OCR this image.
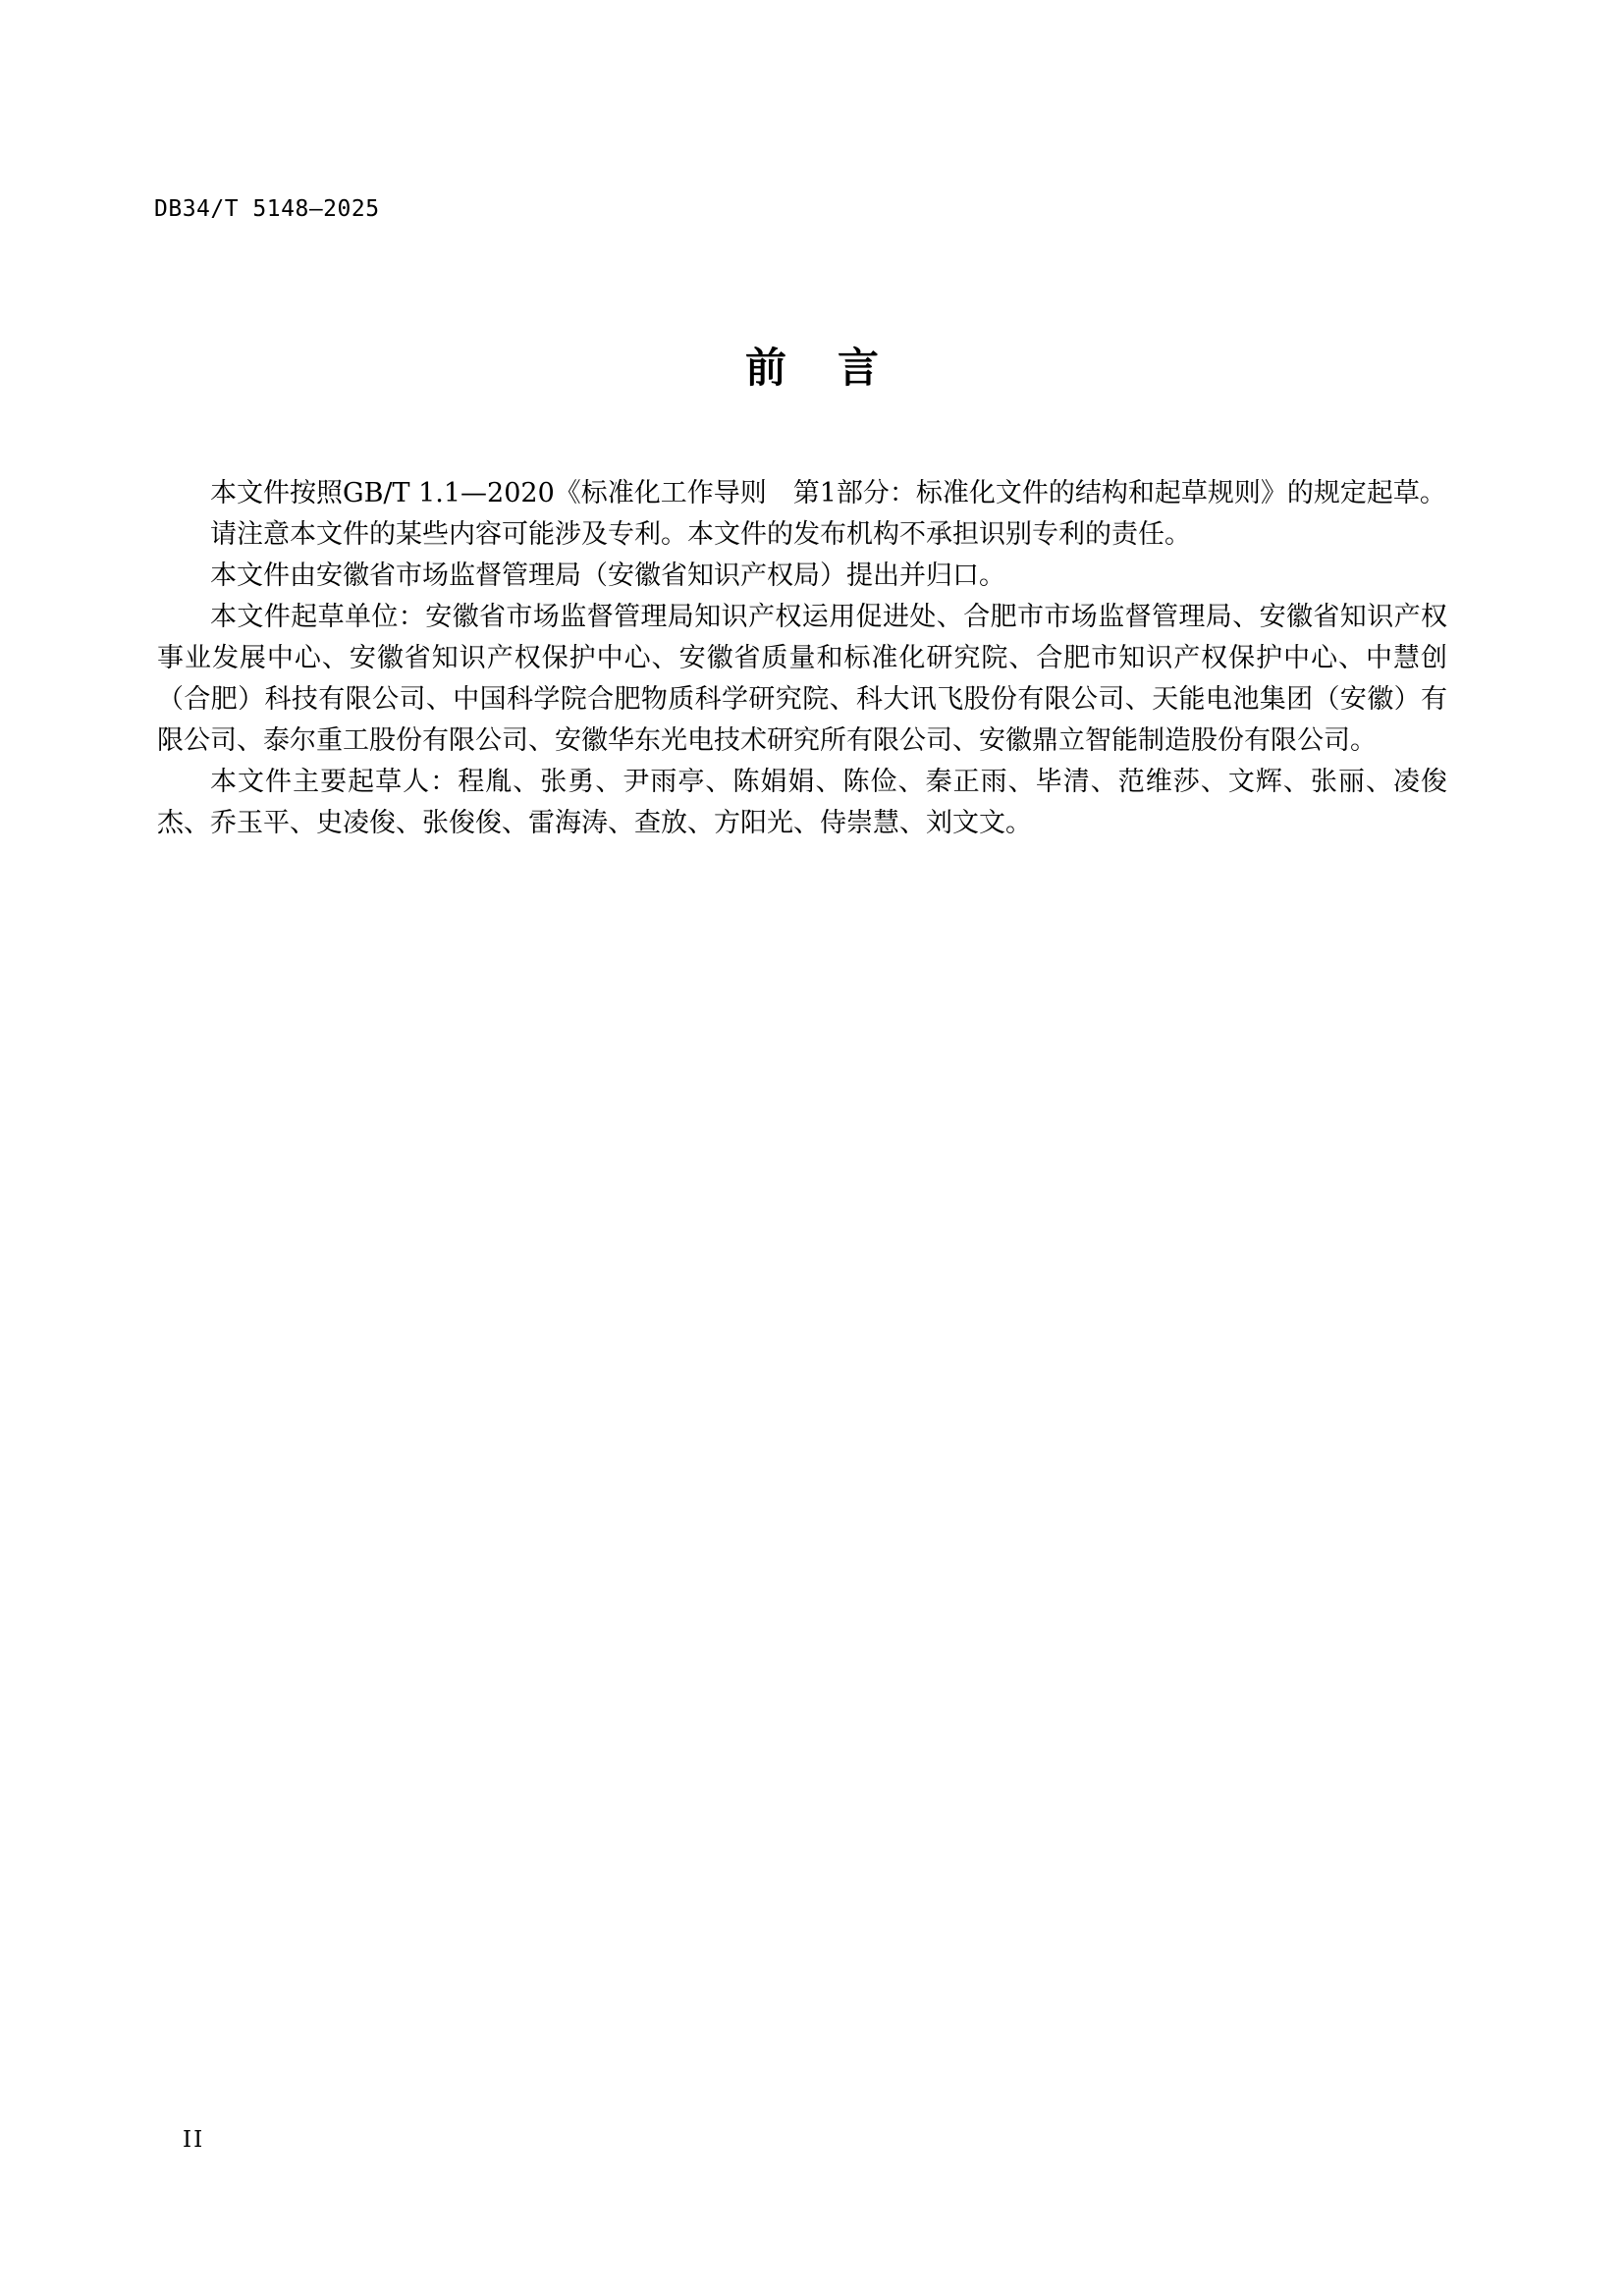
DB34/T 5148—2025
前言

本文件按照GB/T 1.1—2020《标准化工作导则　第1部分：标准化文件的结构和起草规则》的规定起草。

请注意本文件的某些内容可能涉及专利。本文件的发布机构不承担识别专利的责任。

本文件由安徽省市场监督管理局（安徽省知识产权局）提出并归口。

本文件起草单位：安徽省市场监督管理局知识产权运用促进处、合肥市市场监督管理局、安徽省知识产权事业发展中心、安徽省知识产权保护中心、安徽省质量和标准化研究院、合肥市知识产权保护中心、中慧创（合肥）科技有限公司、中国科学院合肥物质科学研究院、科大讯飞股份有限公司、天能电池集团（安徽）有限公司、泰尔重工股份有限公司、安徽华东光电技术研究所有限公司、安徽鼎立智能制造股份有限公司。

本文件主要起草人：程胤、张勇、尹雨亭、陈娟娟、陈俭、秦正雨、毕清、范维莎、文辉、张丽、凌俊杰、乔玉平、史凌俊、张俊俊、雷海涛、查放、方阳光、侍崇慧、刘文文。

II
